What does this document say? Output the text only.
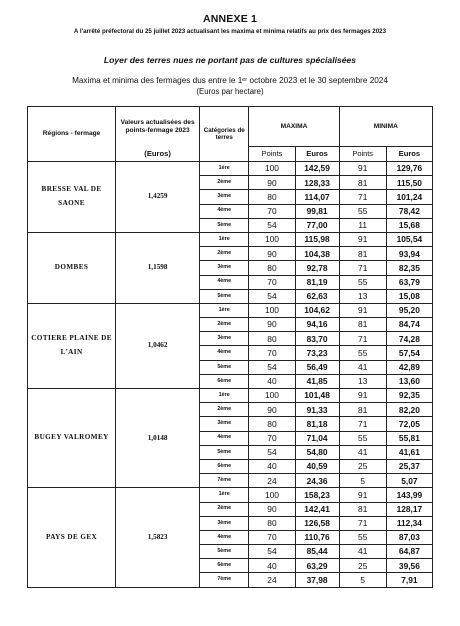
ANNEXE 1
A l'arrêté préfectoral du 25 juillet 2023 actualisant les maxima et minima relatifs au prix des fermages 2023
Loyer des terres nues ne portant pas de cultures spécialisées
Maxima et minima des fermages dus entre le 1ᵉʳ octobre 2023 et le 30 septembre 2024
(Euros par hectare)
Régions - fermage	Valeurs actualisées des points-fermage 2023	Catégories de terres	MAXIMA		MINIMA	
	(Euros)		Points	Euros	Points	Euros
BRESSE VAL DE SAONE	1,4259	1ère	100	142,59	91	129,76
		2ème	90	128,33	81	115,50
		3ème	80	114,07	71	101,24
		4ème	70	99,81	55	78,42
		5ème	54	77,00	11	15,68
DOMBES	1,1598	1ère	100	115,98	91	105,54
		2ème	90	104,38	81	93,94
		3ème	80	92,78	71	82,35
		4ème	70	81,19	55	63,79
		5ème	54	62,63	13	15,08
COTIERE PLAINE DE L'AIN	1,0462	1ère	100	104,62	91	95,20
		2ème	90	94,16	81	84,74
		3ème	80	83,70	71	74,28
		4ème	70	73,23	55	57,54
		5ème	54	56,49	41	42,89
		6ème	40	41,85	13	13,60
BUGEY VALROMEY	1,0148	1ère	100	101,48	91	92,35
		2ème	90	91,33	81	82,20
		3ème	80	81,18	71	72,05
		4ème	70	71,04	55	55,81
		5ème	54	54,80	41	41,61
		6ème	40	40,59	25	25,37
		7ème	24	24,36	5	5,07
PAYS DE GEX	1,5823	1ère	100	158,23	91	143,99
		2ème	90	142,41	81	128,17
		3ème	80	126,58	71	112,34
		4ème	70	110,76	55	87,03
		5ème	54	85,44	41	64,87
		6ème	40	63,29	25	39,56
		7ème	24	37,98	5	7,91
